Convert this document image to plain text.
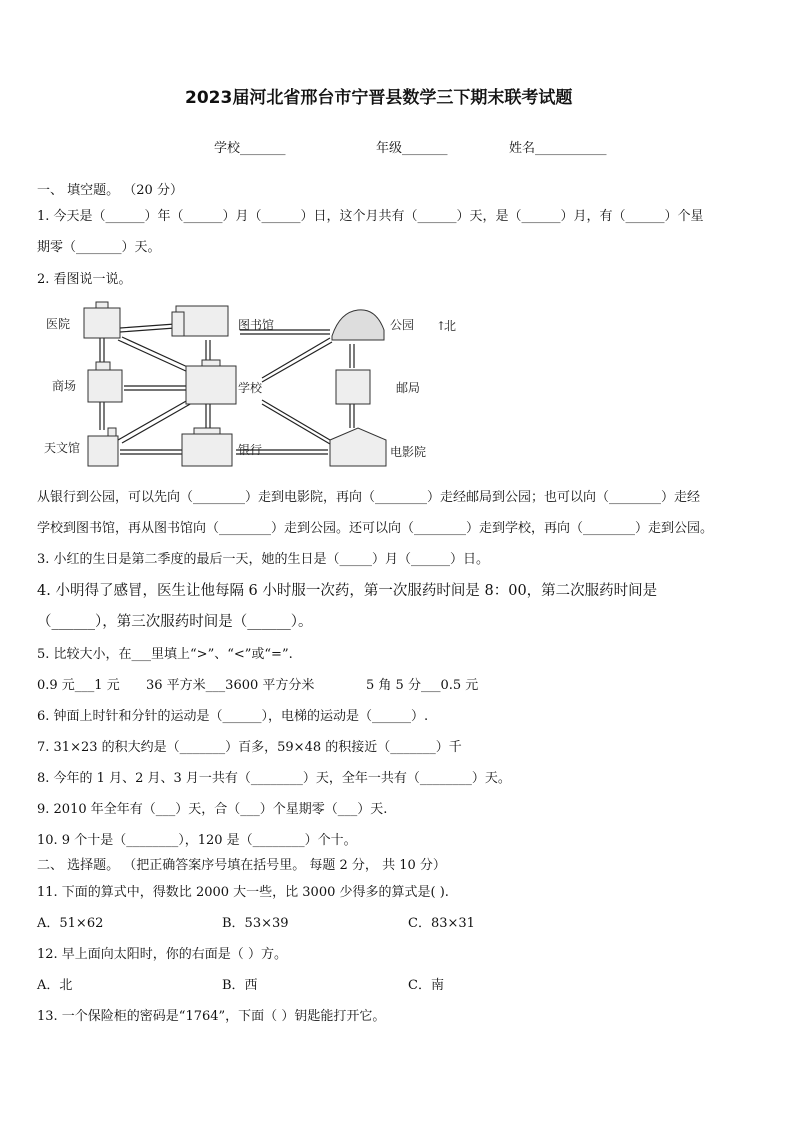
2023届河北省邢台市宁晋县数学三下期末联考试题
学校_______	年级_______	姓名___________
一、 填空题。 （20 分）
1. 今天是（______）年（______）月（______）日，这个月共有（______）天，是（______）月，有（______）个星
期零（_______）天。
2. 看图说一说。
医院	图书馆	公园 ↑
北
商场	学校	邮局
天文馆	银行	电影院
从银行到公园，可以先向（________）走到电影院，再向（________）走经邮局到公园；也可以向（________）走经
学校到图书馆，再从图书馆向（________）走到公园。还可以向（________）走到学校，再向（________）走到公园。
3. 小红的生日是第二季度的最后一天，她的生日是（_____）月（______）日。
4. 小明得了感冒，医生让他每隔 6 小时服一次药，第一次服药时间是 8：00，第二次服药时间是
（______），第三次服药时间是（______）。
5. 比较大小，在___里填上“>”、“<”或“=”.
0.9 元___1 元 36 平方米___3600 平方分米	5 角 5 分___0.5 元
6. 钟面上时针和分针的运动是（______），电梯的运动是（______）.
7. 31×23 的积大约是（_______）百多，59×48 的积接近（_______）千
8. 今年的 1 月、2 月、3 月一共有（________）天，全年一共有（________）天。
9. 2010 年全年有（___）天，合（___）个星期零（___）天.
10. 9 个十是（________），120 是（________）个十。
二、 选择题。 （把正确答案序号填在括号里。 每题 2 分， 共 10 分）
11. 下面的算式中，得数比 2000 大一些，比 3000 少得多的算式是( ).
A．51×62	B．53×39	C．83×31
12. 早上面向太阳时，你的右面是（ ）方。
A．北	B．西	C．南
13. 一个保险柜的密码是“1764”，下面（ ）钥匙能打开它。
